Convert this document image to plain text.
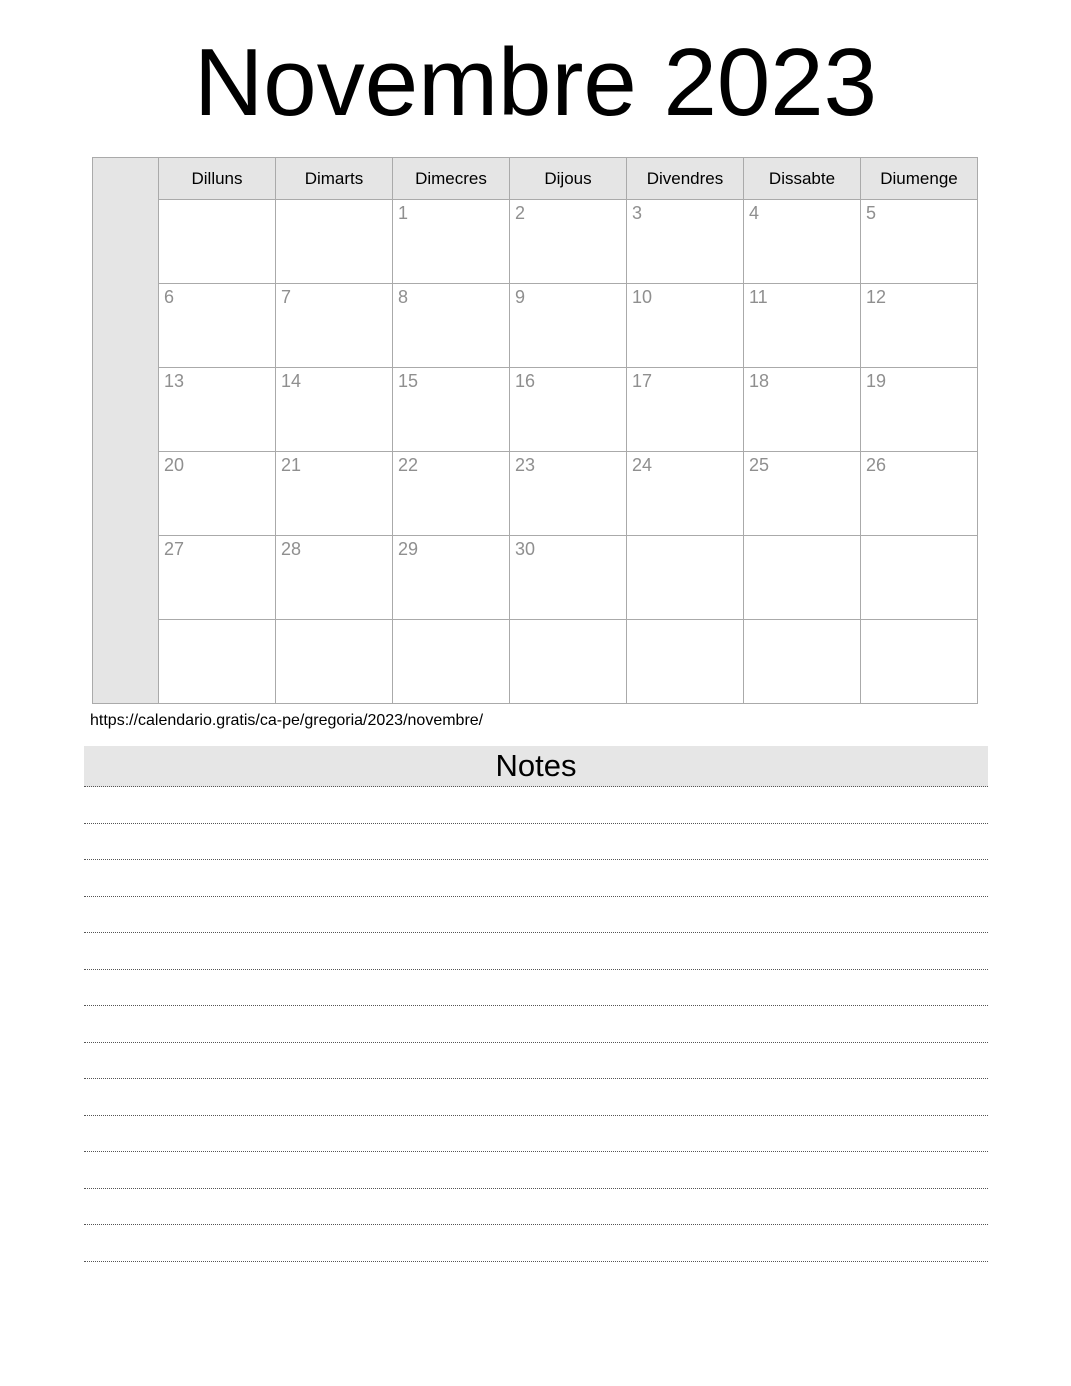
Novembre 2023
	Dilluns	Dimarts	Dimecres	Dijous	Divendres	Dissabte	Diumenge
			1	2	3	4	5
	6	7	8	9	10	11	12
	13	14	15	16	17	18	19
	20	21	22	23	24	25	26
	27	28	29	30			

https://calendario.gratis/ca-pe/gregoria/2023/novembre/
Notes
